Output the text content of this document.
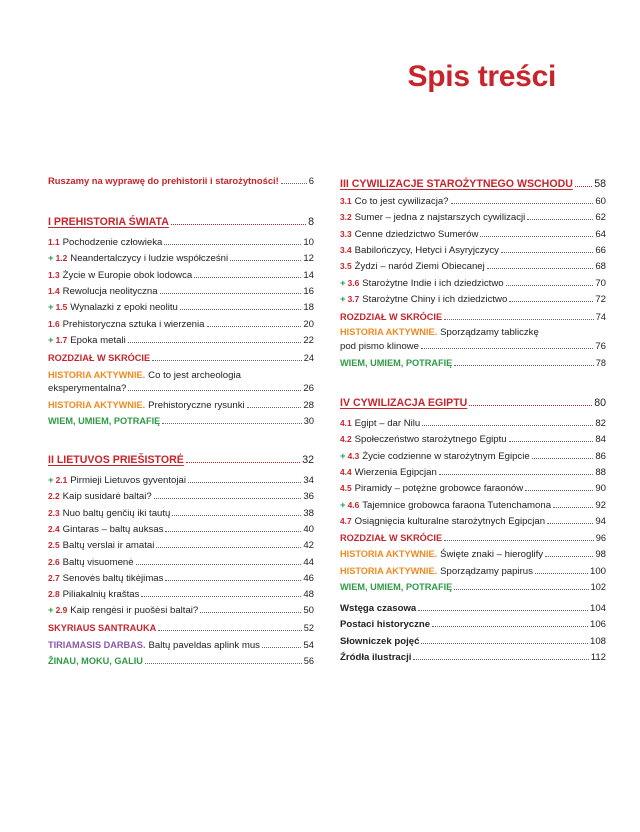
Spis treści
Ruszamy na wyprawę do prehistorii i starożytności!	6
I PREHISTORIA ŚWIATA	8
1.1 Pochodzenie człowieka	10
+ 1.2 Neandertalczycy i ludzie współcześni	12
1.3 Życie w Europie obok lodowca	14
1.4 Rewolucja neolityczna	16
+ 1.5 Wynalazki z epoki neolitu	18
1.6 Prehistoryczna sztuka i wierzenia	20
+ 1.7 Epoka metali	22
ROZDZIAŁ W SKRÓCIE	24
HISTORIA AKTYWNIE. Co to jest archeologia
eksperymentalna?	26
HISTORIA AKTYWNIE. Prehistoryczne rysunki	28
WIEM, UMIEM, POTRAFIĘ	30
II LIETUVOS PRIEŠISTORĖ	32
+ 2.1 Pirmieji Lietuvos gyventojai	34
2.2 Kaip susidarė baltai?	36
2.3 Nuo baltų genčių iki tautų	38
2.4 Gintaras – baltų auksas	40
2.5 Baltų verslai ir amatai	42
2.6 Baltų visuomenė	44
2.7 Senovės baltų tikėjimas	46
2.8 Piliakalnių kraštas	48
+ 2.9 Kaip rengėsi ir puošėsi baltai?	50
SKYRIAUS SANTRAUKA	52
TIRIAMASIS DARBAS. Baltų paveldas aplink mus	54
ŽINAU, MOKU, GALIU	56
III CYWILIZACJE STAROŻYTNEGO WSCHODU 58
3.1 Co to jest cywilizacja?	60
3.2 Sumer – jedna z najstarszych cywilizacji	62
3.3 Cenne dziedzictwo Sumerów	64
3.4 Babilończycy, Hetyci i Asyryjczycy	66
3.5 Żydzi – naród Ziemi Obiecanej	68
+ 3.6 Starożytne Indie i ich dziedzictwo	70
+ 3.7 Starożytne Chiny i ich dziedzictwo	72
ROZDZIAŁ W SKRÓCIE	74
HISTORIA AKTYWNIE. Sporządzamy tabliczkę
pod pismo klinowe	76
WIEM, UMIEM, POTRAFIĘ	78
IV CYWILIZACJA EGIPTU	80
4.1 Egipt – dar Nilu	82
4.2 Społeczeństwo starożytnego Egiptu	84
+ 4.3 Życie codzienne w starożytnym Egipcie	86
4.4 Wierzenia Egipcjan	88
4.5 Piramidy – potężne grobowce faraonów	90
+ 4.6 Tajemnice grobowca faraona Tutenchamona	92
4.7 Osiągnięcia kulturalne starożytnych Egipcjan	94
ROZDZIAŁ W SKRÓCIE	96
HISTORIA AKTYWNIE. Święte znaki – hieroglify	98
HISTORIA AKTYWNIE. Sporządzamy papirus	100
WIEM, UMIEM, POTRAFIĘ	102
Wstęga czasowa	104
Postaci historyczne	106
Słowniczek pojęć	108
Źródła ilustracji	112
